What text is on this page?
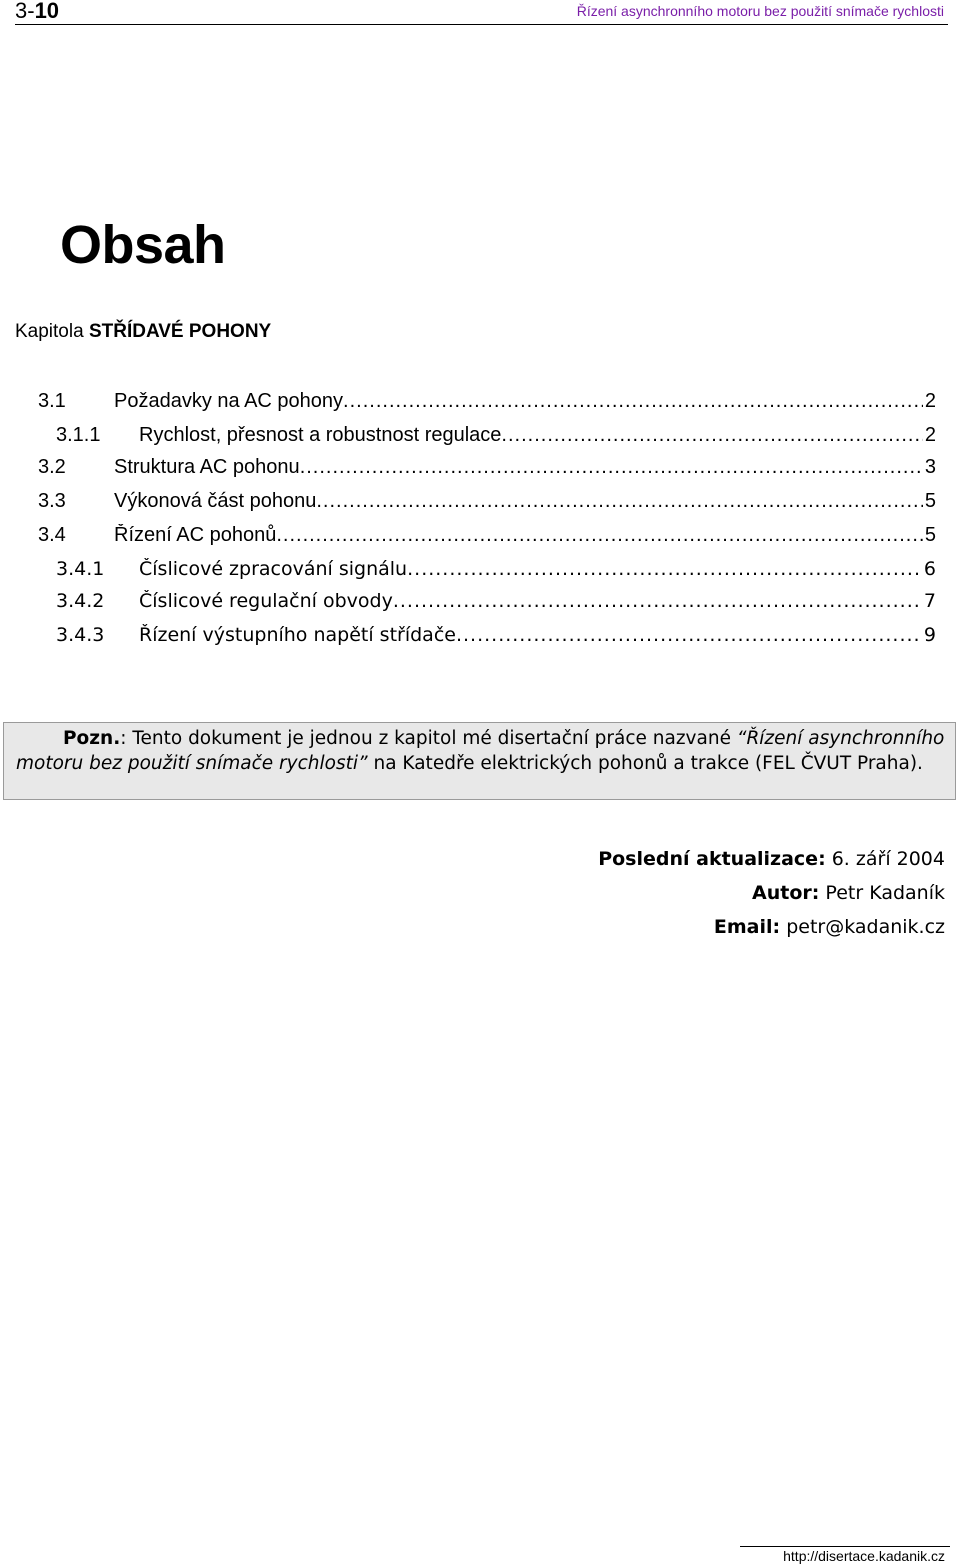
3-10	Řízení asynchronního motoru bez použití snímače rychlosti
Obsah
Kapitola STŘÍDAVÉ POHONY
3.1	Požadavky na AC pohony .....	2
3.1.1	Rychlost, přesnost a robustnost regulace .....	2
3.2	Struktura AC pohonu .....	3
3.3	Výkonová část pohonu .....	5
3.4	Řízení AC pohonů .....	5
3.4.1	Číslicové zpracování signálu .....	6
3.4.2	Číslicové regulační obvody .....	7
3.4.3	Řízení výstupního napětí střídače .....	9
Pozn.: Tento dokument je jednou z kapitol mé disertační práce nazvané “Řízení asynchronního motoru bez použití snímače rychlosti” na Katedře elektrických pohonů a trakce (FEL ČVUT Praha).
Poslední aktualizace: 6. září 2004
Autor: Petr Kadaník
Email: petr@kadanik.cz
http://disertace.kadanik.cz
